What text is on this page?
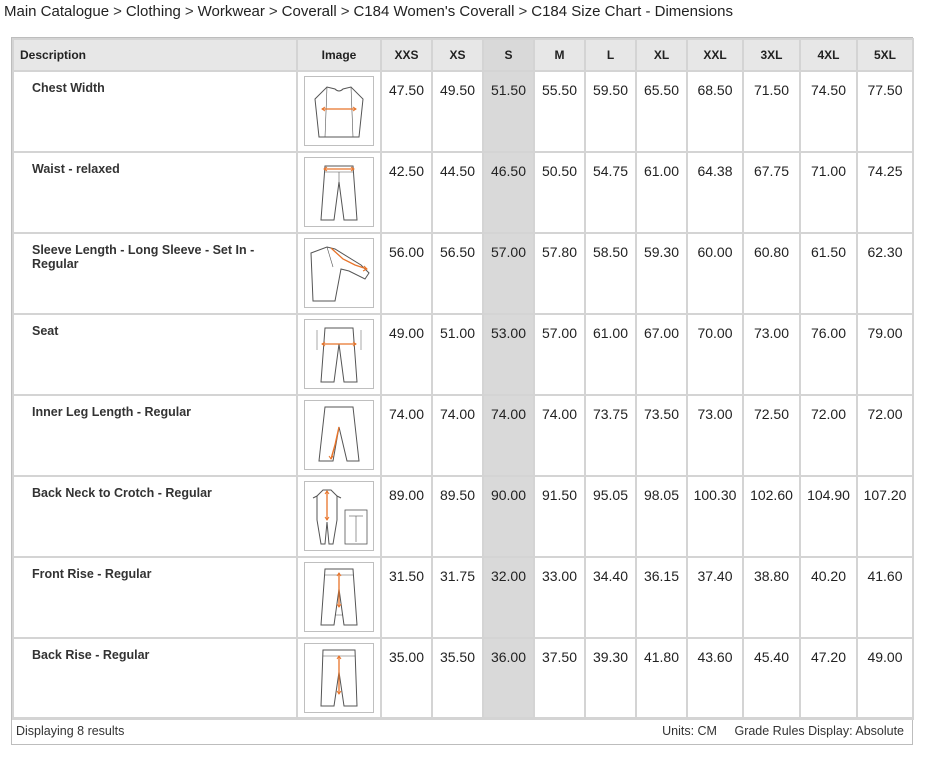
Main Catalogue > Clothing > Workwear > Coverall > C184 Women's Coverall > C184 Size Chart - Dimensions
Description	Image	XXS	XS	S	M	L	XL	XXL	3XL	4XL	5XL
Chest Width		47.50	49.50	51.50	55.50	59.50	65.50	68.50	71.50	74.50	77.50
Waist - relaxed		42.50	44.50	46.50	50.50	54.75	61.00	64.38	67.75	71.00	74.25
Sleeve Length - Long Sleeve - Set In - Regular		56.00	56.50	57.00	57.80	58.50	59.30	60.00	60.80	61.50	62.30
Seat		49.00	51.00	53.00	57.00	61.00	67.00	70.00	73.00	76.00	79.00
Inner Leg Length - Regular		74.00	74.00	74.00	74.00	73.75	73.50	73.00	72.50	72.00	72.00
Back Neck to Crotch - Regular		89.00	89.50	90.00	91.50	95.05	98.05	100.30	102.60	104.90	107.20
Front Rise - Regular		31.50	31.75	32.00	33.00	34.40	36.15	37.40	38.80	40.20	41.60
Back Rise - Regular		35.00	35.50	36.00	37.50	39.30	41.80	43.60	45.40	47.20	49.00
Displaying 8 results	Units: CM Grade Rules Display: Absolute
